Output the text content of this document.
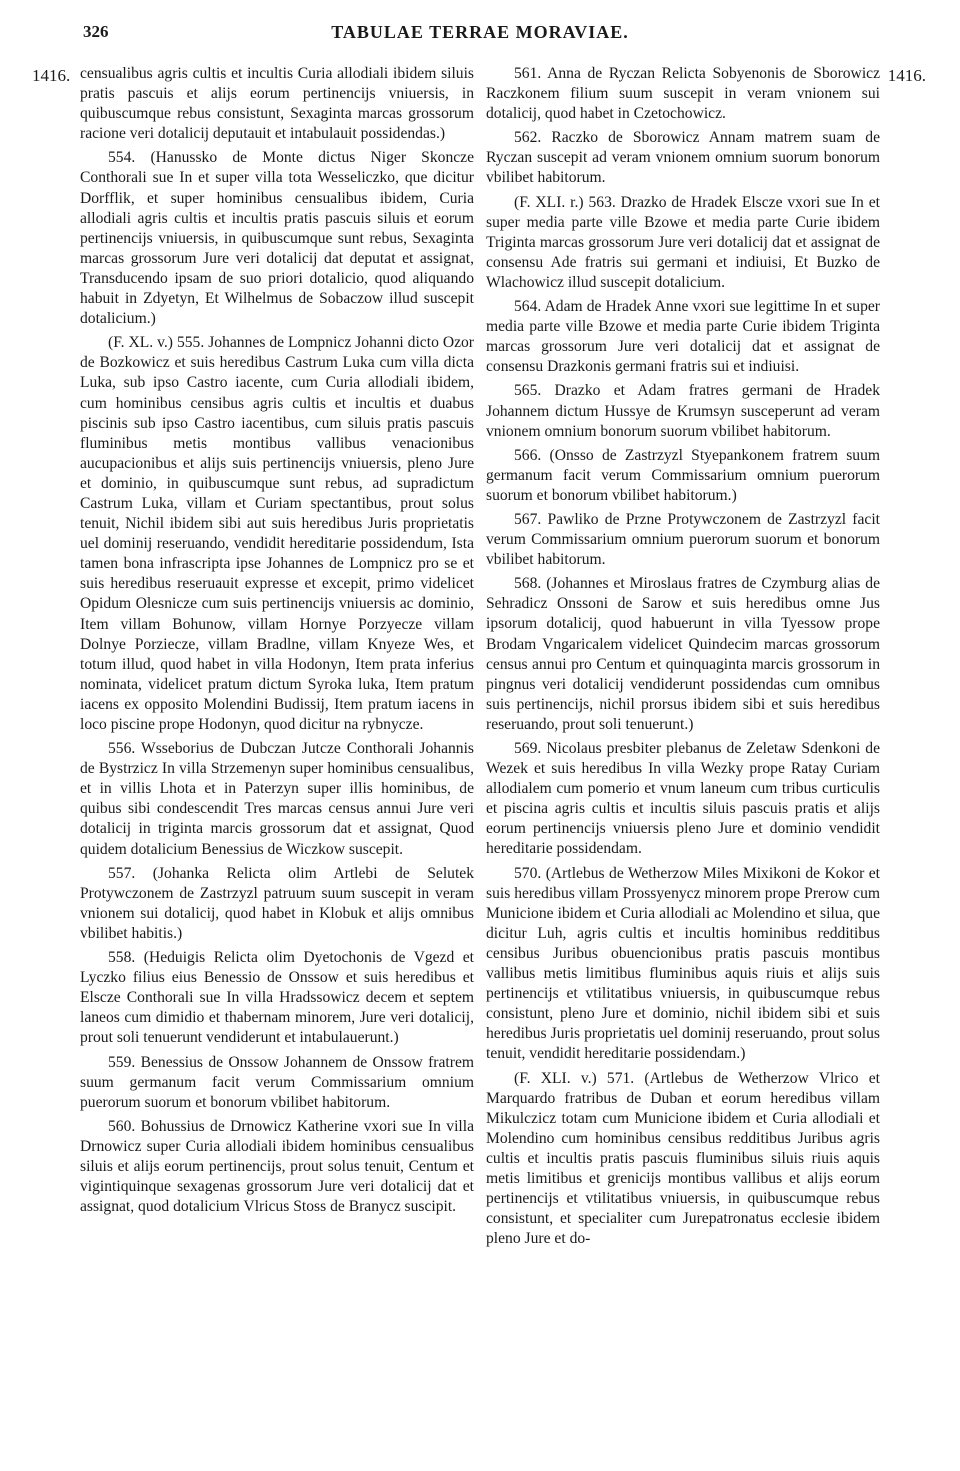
326	TABULAE TERRAE MORAVIAE.
1416.	1416.

censualibus agris cultis et incultis Curia allodiali ibidem siluis pratis pascuis et alijs eorum pertinencijs vniuersis, in quibuscumque rebus consistunt, Sexaginta marcas grossorum racione veri dotalicij deputauit et intabulauit possidendas.)

554. (Hanussko de Monte dictus Niger Skoncze Conthorali sue In et super villa tota Wesseliczko, que dicitur Dorfflik, et super hominibus censualibus ibidem, Curia allodiali agris cultis et incultis pratis pascuis siluis et eorum pertinencijs vniuersis, in quibuscumque sunt rebus, Sexaginta marcas grossorum Jure veri dotalicij dat deputat et assignat, Transducendo ipsam de suo priori dotalicio, quod aliquando habuit in Zdyetyn, Et Wilhelmus de Sobaczow illud suscepit dotalicium.)

(F. XL. v.) 555. Johannes de Lompnicz Johanni dicto Ozor de Bozkowicz et suis heredibus Castrum Luka cum villa dicta Luka, sub ipso Castro iacente, cum Curia allodiali ibidem, cum hominibus censibus agris cultis et incultis et duabus piscinis sub ipso Castro iacentibus, cum siluis pratis pascuis fluminibus metis montibus vallibus venacionibus aucupacionibus et alijs suis pertinencijs vniuersis, pleno Jure et dominio, in quibuscumque sunt rebus, ad supradictum Castrum Luka, villam et Curiam spectantibus, prout solus tenuit, Nichil ibidem sibi aut suis heredibus Juris proprietatis uel dominij reseruando, vendidit hereditarie possidendum, Ista tamen bona infrascripta ipse Johannes de Lompnicz pro se et suis heredibus reseruauit expresse et excepit, primo videlicet Opidum Olesnicze cum suis pertinencijs vniuersis ac dominio, Item villam Bohunow, villam Hornye Porzyecze villam Dolnye Porziecze, villam Bradlne, villam Knyeze Wes, et totum illud, quod habet in villa Hodonyn, Item prata inferius nominata, videlicet pratum dictum Syroka luka, Item pratum iacens ex opposito Molendini Budissij, Item pratum iacens in loco piscine prope Hodonyn, quod dicitur na rybnycze.

556. Wsseborius de Dubczan Jutcze Conthorali Johannis de Bystrzicz In villa Strzemenyn super hominibus censualibus, et in villis Lhota et in Paterzyn super illis hominibus, de quibus sibi condescendit Tres marcas census annui Jure veri dotalicij in triginta marcis grossorum dat et assignat, Quod quidem dotalicium Benessius de Wiczkow suscepit.

557. (Johanka Relicta olim Artlebi de Selutek Protywczonem de Zastrzyzl patruum suum suscepit in veram vnionem sui dotalicij, quod habet in Klobuk et alijs omnibus vbilibet habitis.)

558. (Heduigis Relicta olim Dyetochonis de Vgezd et Lyczko filius eius Benessio de Onssow et suis heredibus et Elscze Conthorali sue In villa Hradssowicz decem et septem laneos cum dimidio et thabernam minorem, Jure veri dotalicij, prout soli tenuerunt vendiderunt et intabulauerunt.)

559. Benessius de Onssow Johannem de Onssow fratrem suum germanum facit verum Commissarium omnium puerorum suorum et bonorum vbilibet habitorum.

560. Bohussius de Drnowicz Katherine vxori sue In villa Drnowicz super Curia allodiali ibidem hominibus censualibus siluis et alijs eorum pertinencijs, prout solus tenuit, Centum et vigintiquinque sexagenas grossorum Jure veri dotalicij dat et assignat, quod dotalicium Vlricus Stoss de Branycz suscipit.

561. Anna de Ryczan Relicta Sobyenonis de Sborowicz Raczkonem filium suum suscepit in veram vnionem sui dotalicij, quod habet in Czetochowicz.

562. Raczko de Sborowicz Annam matrem suam de Ryczan suscepit ad veram vnionem omnium suorum bonorum vbilibet habitorum.

(F. XLI. r.) 563. Drazko de Hradek Elscze vxori sue In et super media parte ville Bzowe et media parte Curie ibidem Triginta marcas grossorum Jure veri dotalicij dat et assignat de consensu Ade fratris sui germani et indiuisi, Et Buzko de Wlachowicz illud suscepit dotalicium.

564. Adam de Hradek Anne vxori sue legittime In et super media parte ville Bzowe et media parte Curie ibidem Triginta marcas grossorum Jure veri dotalicij dat et assignat de consensu Drazkonis germani fratris sui et indiuisi.

565. Drazko et Adam fratres germani de Hradek Johannem dictum Hussye de Krumsyn susceperunt ad veram vnionem omnium bonorum suorum vbilibet habitorum.

566. (Onsso de Zastrzyzl Styepankonem fratrem suum germanum facit verum Commissarium omnium puerorum suorum et bonorum vbilibet habitorum.)

567. Pawliko de Przne Protywczonem de Zastrzyzl facit verum Commissarium omnium puerorum suorum et bonorum vbilibet habitorum.

568. (Johannes et Miroslaus fratres de Czymburg alias de Sehradicz Onssoni de Sarow et suis heredibus omne Jus ipsorum dotalicij, quod habuerunt in villa Tyessow prope Brodam Vngaricalem videlicet Quindecim marcas grossorum census annui pro Centum et quinquaginta marcis grossorum in pingnus veri dotalicij vendiderunt possidendas cum omnibus suis pertinencijs, nichil prorsus ibidem sibi et suis heredibus reseruando, prout soli tenuerunt.)

569. Nicolaus presbiter plebanus de Zeletaw Sdenkoni de Wezek et suis heredibus In villa Wezky prope Ratay Curiam allodialem cum pomerio et vnum laneum cum tribus curticulis et piscina agris cultis et incultis siluis pascuis pratis et alijs eorum pertinencijs vniuersis pleno Jure et dominio vendidit hereditarie possidendam.

570. (Artlebus de Wetherzow Miles Mixikoni de Kokor et suis heredibus villam Prossyenycz minorem prope Prerow cum Municione ibidem et Curia allodiali ac Molendino et silua, que dicitur Luh, agris cultis et incultis hominibus redditibus censibus Juribus obuencionibus pratis pascuis montibus vallibus metis limitibus fluminibus aquis riuis et alijs suis pertinencijs et vtilitatibus vniuersis, in quibuscumque rebus consistunt, pleno Jure et dominio, nichil ibidem sibi et suis heredibus Juris proprietatis uel dominij reseruando, prout solus tenuit, vendidit hereditarie possidendam.)

(F. XLI. v.) 571. (Artlebus de Wetherzow Vlrico et Marquardo fratribus de Duban et eorum heredibus villam Mikulczicz totam cum Municione ibidem et Curia allodiali et Molendino cum hominibus censibus redditibus Juribus agris cultis et incultis pratis pascuis fluminibus siluis riuis aquis metis limitibus et grenicijs montibus vallibus et alijs eorum pertinencijs et vtilitatibus vniuersis, in quibuscumque rebus consistunt, et specialiter cum Jurepatronatus ecclesie ibidem pleno Jure et do-
